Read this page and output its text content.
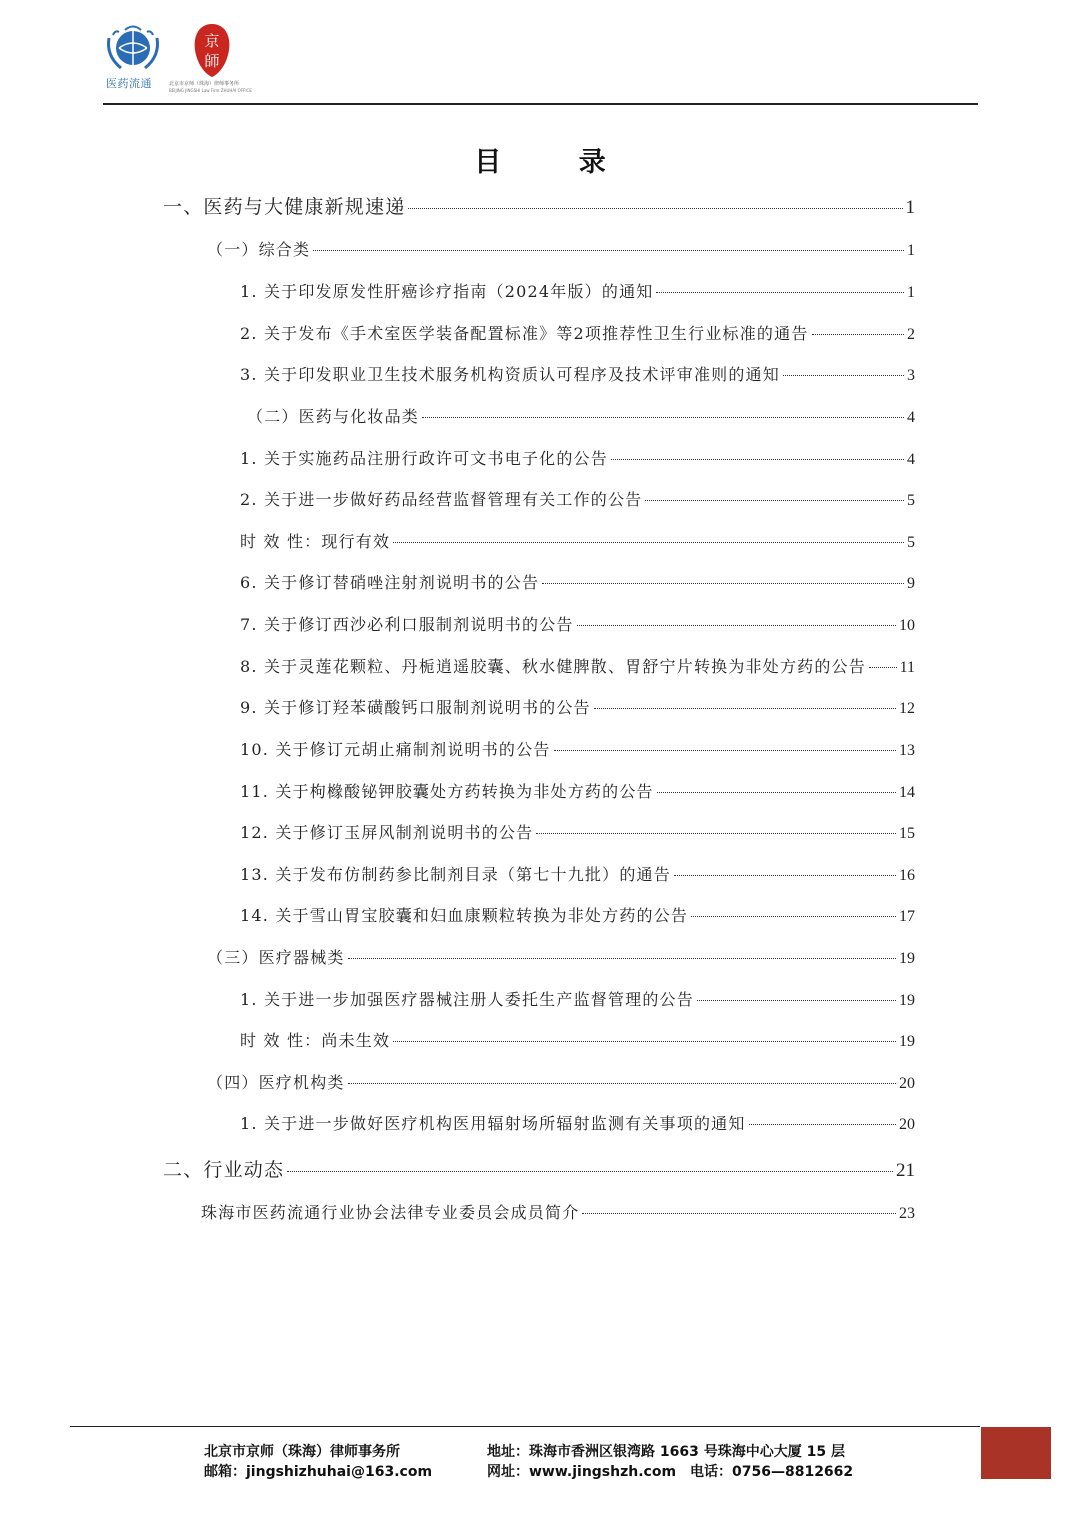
医药流通
京
師
北京市京师（珠海）律师事务所
BEIJING JINGSHI Law Firm ZHUHAI OFFICE
目 录
一、医药与大健康新规速递	1
（一）综合类	1
1. 关于印发原发性肝癌诊疗指南（2024年版）的通知	1
2. 关于发布《手术室医学装备配置标准》等2项推荐性卫生行业标准的通告	2
3. 关于印发职业卫生技术服务机构资质认可程序及技术评审准则的通知	3
（二）医药与化妆品类	4
1. 关于实施药品注册行政许可文书电子化的公告	4
2. 关于进一步做好药品经营监督管理有关工作的公告	5
时 效 性：现行有效	5
6. 关于修订替硝唑注射剂说明书的公告	9
7. 关于修订西沙必利口服制剂说明书的公告	10
8. 关于灵莲花颗粒、丹栀逍遥胶囊、秋水健脾散、胃舒宁片转换为非处方药的公告 11
9. 关于修订羟苯磺酸钙口服制剂说明书的公告	12
10. 关于修订元胡止痛制剂说明书的公告	13
11. 关于枸橼酸铋钾胶囊处方药转换为非处方药的公告	14
12. 关于修订玉屏风制剂说明书的公告	15
13. 关于发布仿制药参比制剂目录（第七十九批）的通告	16
14. 关于雪山胃宝胶囊和妇血康颗粒转换为非处方药的公告	17
（三）医疗器械类	19
1. 关于进一步加强医疗器械注册人委托生产监督管理的公告	19
时 效 性：尚未生效	19
（四）医疗机构类	20
1. 关于进一步做好医疗机构医用辐射场所辐射监测有关事项的通知	20
二、行业动态	21
珠海市医药流通行业协会法律专业委员会成员简介	23
北京市京师（珠海）律师事务所
邮箱：jingshizhuhai@163.com
地址：珠海市香洲区银湾路 1663 号珠海中心大厦 15 层
网址：www.jingshzh.com 电话：0756—8812662
